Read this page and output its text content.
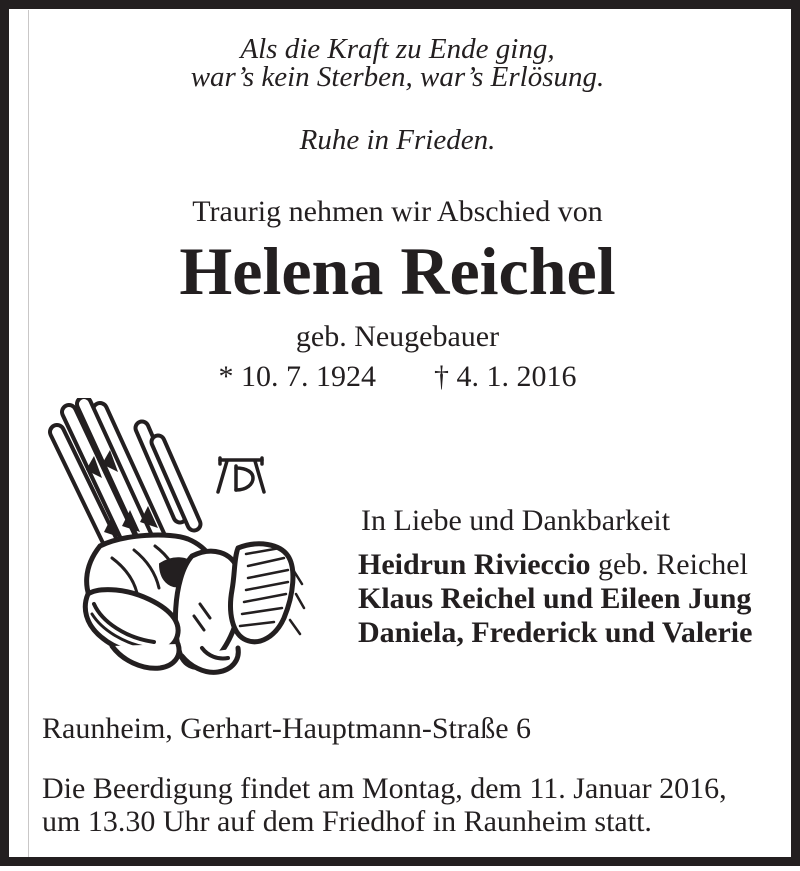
Als die Kraft zu Ende ging,
war’s kein Sterben, war’s Erlösung.
Ruhe in Frieden.
Traurig nehmen wir Abschied von
Helena Reichel
geb. Neugebauer
* 10. 7. 1924 † 4. 1. 2016
In Liebe und Dankbarkeit
Heidrun Rivieccio geb. Reichel
Klaus Reichel und Eileen Jung
Daniela, Frederick und Valerie
Raunheim, Gerhart-Hauptmann-Straße 6
Die Beerdigung findet am Montag, dem 11. Januar 2016,
um 13.30 Uhr auf dem Friedhof in Raunheim statt.
